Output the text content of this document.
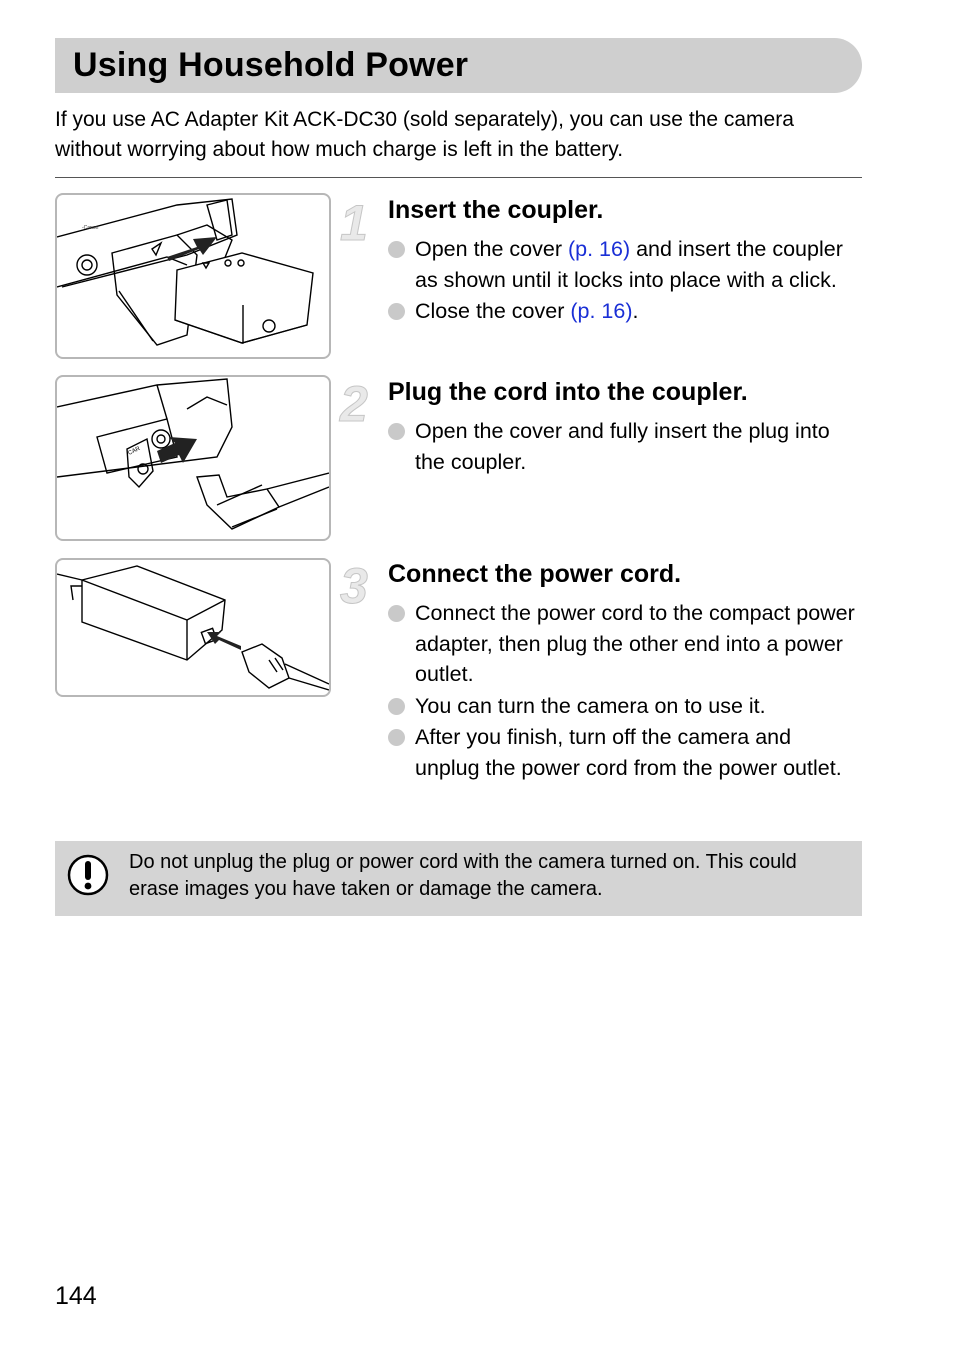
Using Household Power

If you use AC Adapter Kit ACK-DC30 (sold separately), you can use the camera without worrying about how much charge is left in the battery.

-Canon	1 Insert the coupler.
Open the cover (p. 16) and insert the coupler as shown until it locks into place with a click.
Close the cover (p. 16).
CAR
2 Plug the cord into the coupler.
Open the cover and fully insert the plug into the coupler.
3 Connect the power cord.
Connect the power cord to the compact power adapter, then plug the other end into a power outlet.
You can turn the camera on to use it.
After you finish, turn off the camera and unplug the power cord from the power outlet.

Do not unplug the plug or power cord with the camera turned on. This could erase images you have taken or damage the camera.

144
